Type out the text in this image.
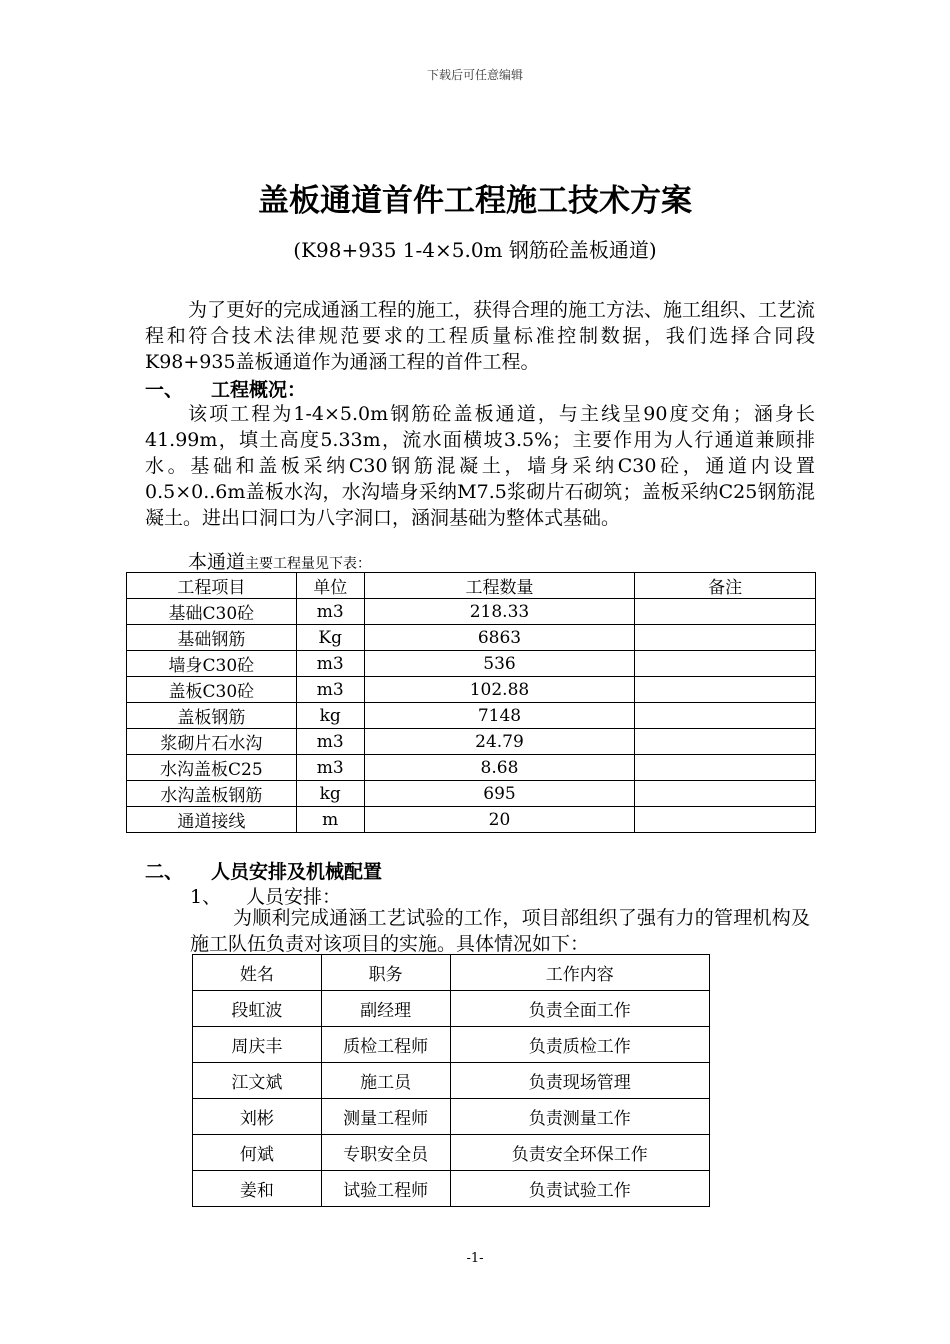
下载后可任意编辑
盖板通道首件工程施工技术方案
(K98+935 1-4×5.0m 钢筋砼盖板通道)
为了更好的完成通涵工程的施工，获得合理的施工方法、施工组织、工艺流程和符合技术法律规范要求的工程质量标准控制数据，我们选择合同段K98+935盖板通道作为通涵工程的首件工程。
一、 工程概况：
该项工程为1-4×5.0m钢筋砼盖板通道，与主线呈90度交角；涵身长41.99m，填土高度5.33m，流水面横坡3.5%；主要作用为人行通道兼顾排水。基础和盖板采纳C30钢筋混凝土，墙身采纳C30砼，通道内设置0.5×0..6m盖板水沟，水沟墙身采纳M7.5浆砌片石砌筑；盖板采纳C25钢筋混凝土。进出口洞口为八字洞口，涵洞基础为整体式基础。
本通道主要工程量见下表：
工程项目	单位	工程数量	备注
基础C30砼	m3	218.33	
基础钢筋	Kg	6863	
墙身C30砼	m3	536	
盖板C30砼	m3	102.88	
盖板钢筋	kg	7148	
浆砌片石水沟	m3	24.79	
水沟盖板C25	m3	8.68	
水沟盖板钢筋	kg	695	
通道接线	m	20	
二、 人员安排及机械配置
1、 人员安排：
为顺利完成通涵工艺试验的工作，项目部组织了强有力的管理机构及施工队伍负责对该项目的实施。具体情况如下：
姓名	职务	工作内容
段虹波	副经理	负责全面工作
周庆丰	质检工程师	负责质检工作
江文斌	施工员	负责现场管理
刘彬	测量工程师	负责测量工作
何斌	专职安全员	负责安全环保工作
姜和	试验工程师	负责试验工作
-1-
